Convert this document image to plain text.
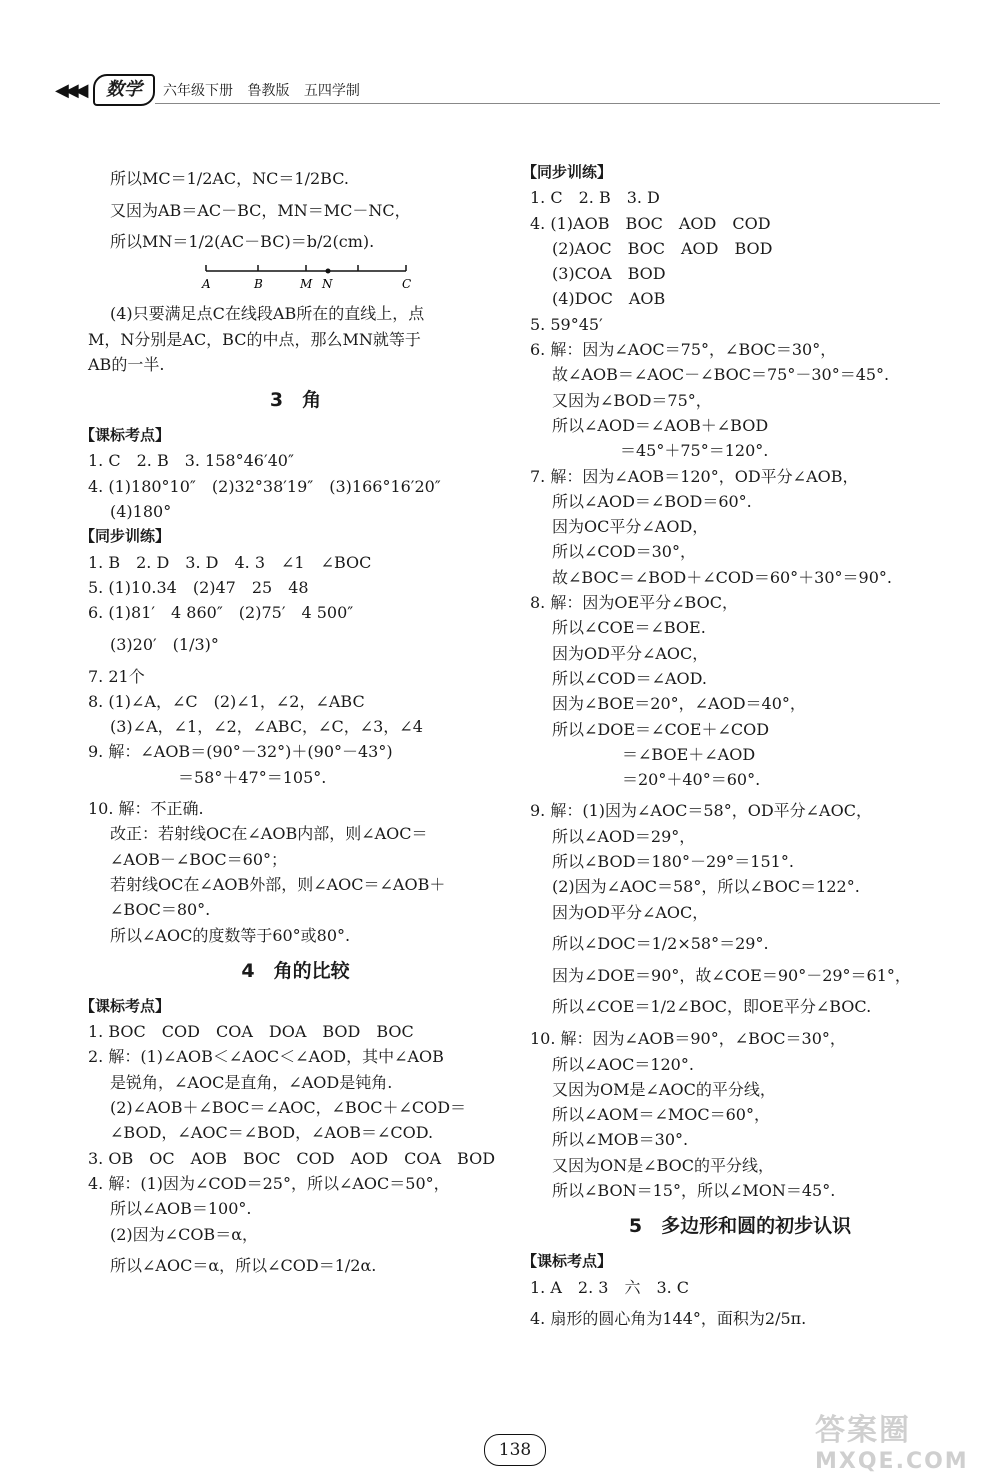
◀◀◀	数学	六年级下册 鲁教版 五四学制
所以MC＝1/2AC，NC＝1/2BC.
又因为AB＝AC－BC，MN＝MC－NC，
所以MN＝1/2(AC－BC)＝b/2(cm).
A	B	M N	C
(4)只要满足点C在线段AB所在的直线上，点
M，N分别是AC，BC的中点，那么MN就等于
AB的一半.
3　角
【课标考点】
1. C　2. B　3. 158°46′40″
4. (1)180°10″　(2)32°38′19″　(3)166°16′20″
(4)180°
【同步训练】
1. B　2. D　3. D　4. 3　∠1　∠BOC
5. (1)10.34　(2)47　25　48
6. (1)81′　4 860″　(2)75′　4 500″
(3)20′　(1/3)°
7. 21个
8. (1)∠A，∠C　(2)∠1，∠2，∠ABC
(3)∠A，∠1，∠2，∠ABC，∠C，∠3，∠4
9. 解：∠AOB＝(90°－32°)＋(90°－43°)
＝58°＋47°＝105°.
10. 解：不正确.
改正：若射线OC在∠AOB内部，则∠AOC＝
∠AOB－∠BOC＝60°；
若射线OC在∠AOB外部，则∠AOC＝∠AOB＋
∠BOC＝80°.
所以∠AOC的度数等于60°或80°.
4　角的比较
【课标考点】
1. BOC　COD　COA　DOA　BOD　BOC
2. 解：(1)∠AOB＜∠AOC＜∠AOD，其中∠AOB
是锐角，∠AOC是直角，∠AOD是钝角.
(2)∠AOB＋∠BOC＝∠AOC，∠BOC＋∠COD＝
∠BOD，∠AOC＝∠BOD，∠AOB＝∠COD.
3. OB　OC　AOB　BOC　COD　AOD　COA　BOD
4. 解：(1)因为∠COD＝25°，所以∠AOC＝50°，
所以∠AOB＝100°.
(2)因为∠COB＝α，
所以∠AOC＝α，所以∠COD＝1/2α.
【同步训练】
1. C　2. B　3. D
4. (1)AOB　BOC　AOD　COD
(2)AOC　BOC　AOD　BOD
(3)COA　BOD
(4)DOC　AOB
5. 59°45′
6. 解：因为∠AOC＝75°，∠BOC＝30°，
故∠AOB＝∠AOC－∠BOC＝75°－30°＝45°.
又因为∠BOD＝75°，
所以∠AOD＝∠AOB＋∠BOD
＝45°＋75°＝120°.
7. 解：因为∠AOB＝120°，OD平分∠AOB，
所以∠AOD＝∠BOD＝60°.
因为OC平分∠AOD，
所以∠COD＝30°，
故∠BOC＝∠BOD＋∠COD＝60°＋30°＝90°.
8. 解：因为OE平分∠BOC，
所以∠COE＝∠BOE.
因为OD平分∠AOC，
所以∠COD＝∠AOD.
因为∠BOE＝20°，∠AOD＝40°，
所以∠DOE＝∠COE＋∠COD
＝∠BOE＋∠AOD
＝20°＋40°＝60°.
9. 解：(1)因为∠AOC＝58°，OD平分∠AOC，
所以∠AOD＝29°，
所以∠BOD＝180°－29°＝151°.
(2)因为∠AOC＝58°，所以∠BOC＝122°.
因为OD平分∠AOC，
所以∠DOC＝1/2×58°＝29°.
因为∠DOE＝90°，故∠COE＝90°－29°＝61°，
所以∠COE＝1/2∠BOC，即OE平分∠BOC.
10. 解：因为∠AOB＝90°，∠BOC＝30°，
所以∠AOC＝120°.
又因为OM是∠AOC的平分线，
所以∠AOM＝∠MOC＝60°，
所以∠MOB＝30°.
又因为ON是∠BOC的平分线，
所以∠BON＝15°，所以∠MON＝45°.
5　多边形和圆的初步认识
【课标考点】
1. A　2. 3　六　3. C
4. 扇形的圆心角为144°，面积为2/5π.
138
答案圈
MXQE.COM
